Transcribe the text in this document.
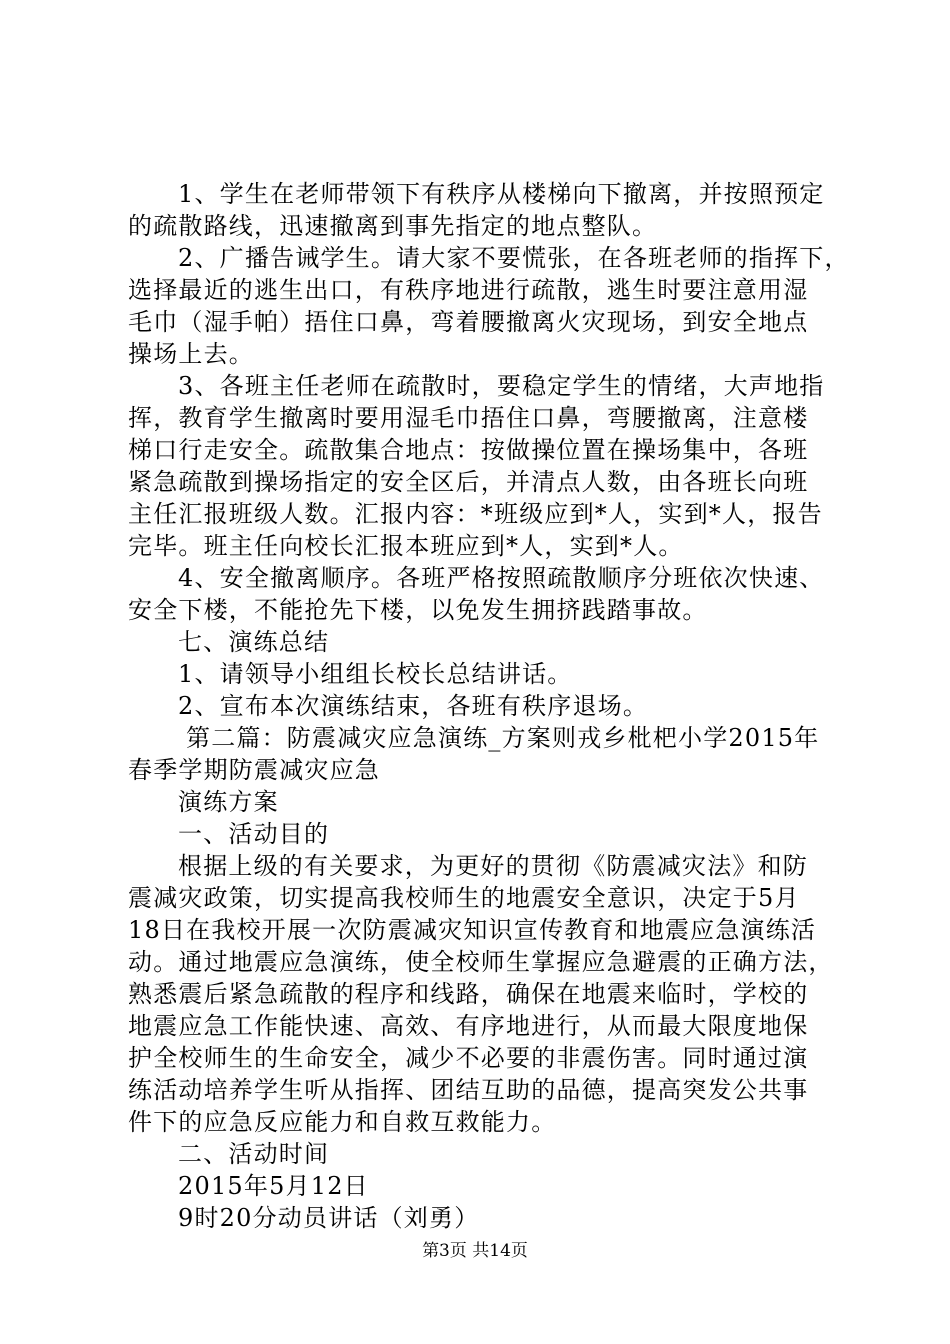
1、学生在老师带领下有秩序从楼梯向下撤离，并按照预定
的疏散路线，迅速撤离到事先指定的地点整队。
2、广播告诫学生。请大家不要慌张，在各班老师的指挥下，
选择最近的逃生出口，有秩序地进行疏散，逃生时要注意用湿
毛巾（湿手帕）捂住口鼻，弯着腰撤离火灾现场，到安全地点
操场上去。
3、各班主任老师在疏散时，要稳定学生的情绪，大声地指
挥，教育学生撤离时要用湿毛巾捂住口鼻，弯腰撤离，注意楼
梯口行走安全。疏散集合地点：按做操位置在操场集中，各班
紧急疏散到操场指定的安全区后，并清点人数，由各班长向班
主任汇报班级人数。汇报内容：*班级应到*人，实到*人，报告
完毕。班主任向校长汇报本班应到*人，实到*人。
4、安全撤离顺序。各班严格按照疏散顺序分班依次快速、
安全下楼，不能抢先下楼，以免发生拥挤践踏事故。
七、演练总结
1、请领导小组组长校长总结讲话。
2、宣布本次演练结束，各班有秩序退场。
第二篇：防震减灾应急演练_方案则戎乡枇杷小学2015年
春季学期防震减灾应急
演练方案
一、活动目的
根据上级的有关要求，为更好的贯彻《防震减灾法》和防
震减灾政策，切实提高我校师生的地震安全意识，决定于5月
18日在我校开展一次防震减灾知识宣传教育和地震应急演练活
动。通过地震应急演练，使全校师生掌握应急避震的正确方法，
熟悉震后紧急疏散的程序和线路，确保在地震来临时，学校的
地震应急工作能快速、高效、有序地进行，从而最大限度地保
护全校师生的生命安全，减少不必要的非震伤害。同时通过演
练活动培养学生听从指挥、团结互助的品德，提高突发公共事
件下的应急反应能力和自救互救能力。
二、活动时间
2015年5月12日
9时20分动员讲话（刘勇）
第3页 共14页
